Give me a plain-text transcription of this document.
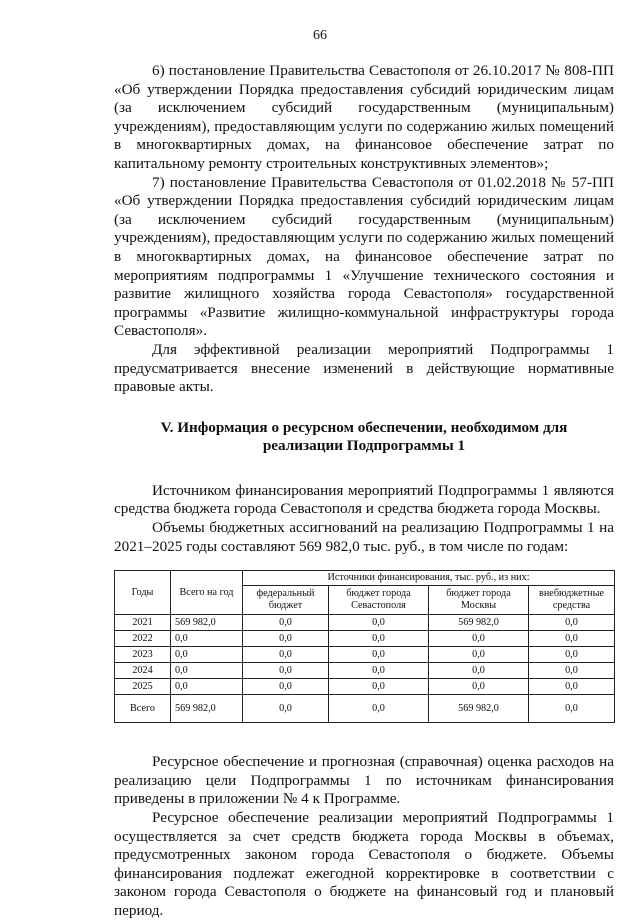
66

6) постановление Правительства Севастополя от 26.10.2017 № 808-ПП «Об утверждении Порядка предоставления субсидий юридическим лицам (за исключением субсидий государственным (муниципальным) учреждениям), предоставляющим услуги по содержанию жилых помещений в многоквартирных домах, на финансовое обеспечение затрат по капитальному ремонту строительных конструктивных элементов»;

7) постановление Правительства Севастополя от 01.02.2018 № 57-ПП «Об утверждении Порядка предоставления субсидий юридическим лицам (за исключением субсидий государственным (муниципальным) учреждениям), предоставляющим услуги по содержанию жилых помещений в многоквартирных домах, на финансовое обеспечение затрат по мероприятиям подпрограммы 1 «Улучшение технического состояния и развитие жилищного хозяйства города Севастополя» государственной программы «Развитие жилищно-коммунальной инфраструктуры города Севастополя».

Для эффективной реализации мероприятий Подпрограммы 1 предусматривается внесение изменений в действующие нормативные правовые акты.

V. Информация о ресурсном обеспечении, необходимом для реализации Подпрограммы 1

Источником финансирования мероприятий Подпрограммы 1 являются средства бюджета города Севастополя и средства бюджета города Москвы.

Объемы бюджетных ассигнований на реализацию Подпрограммы 1 на 2021–2025 годы составляют 569 982,0 тыс. руб., в том числе по годам:

Годы	Всего на год	Источники финансирования, тыс. руб., из них:			
		федеральный бюджет	бюджет города Севастополя	бюджет города Москвы	внебюджетные средства
2021	569 982,0	0,0	0,0	569 982,0	0,0
2022	0,0	0,0	0,0	0,0	0,0
2023	0,0	0,0	0,0	0,0	0,0
2024	0,0	0,0	0,0	0,0	0,0
2025	0,0	0,0	0,0	0,0	0,0
Всего	569 982,0	0,0	0,0	569 982,0	0,0

Ресурсное обеспечение и прогнозная (справочная) оценка расходов на реализацию цели Подпрограммы 1 по источникам финансирования приведены в приложении № 4 к Программе.

Ресурсное обеспечение реализации мероприятий Подпрограммы 1 осуществляется за счет средств бюджета города Москвы в объемах, предусмотренных законом города Севастополя о бюджете. Объемы финансирования подлежат ежегодной корректировке в соответствии с законом города Севастополя о бюджете на финансовый год и плановый период.
